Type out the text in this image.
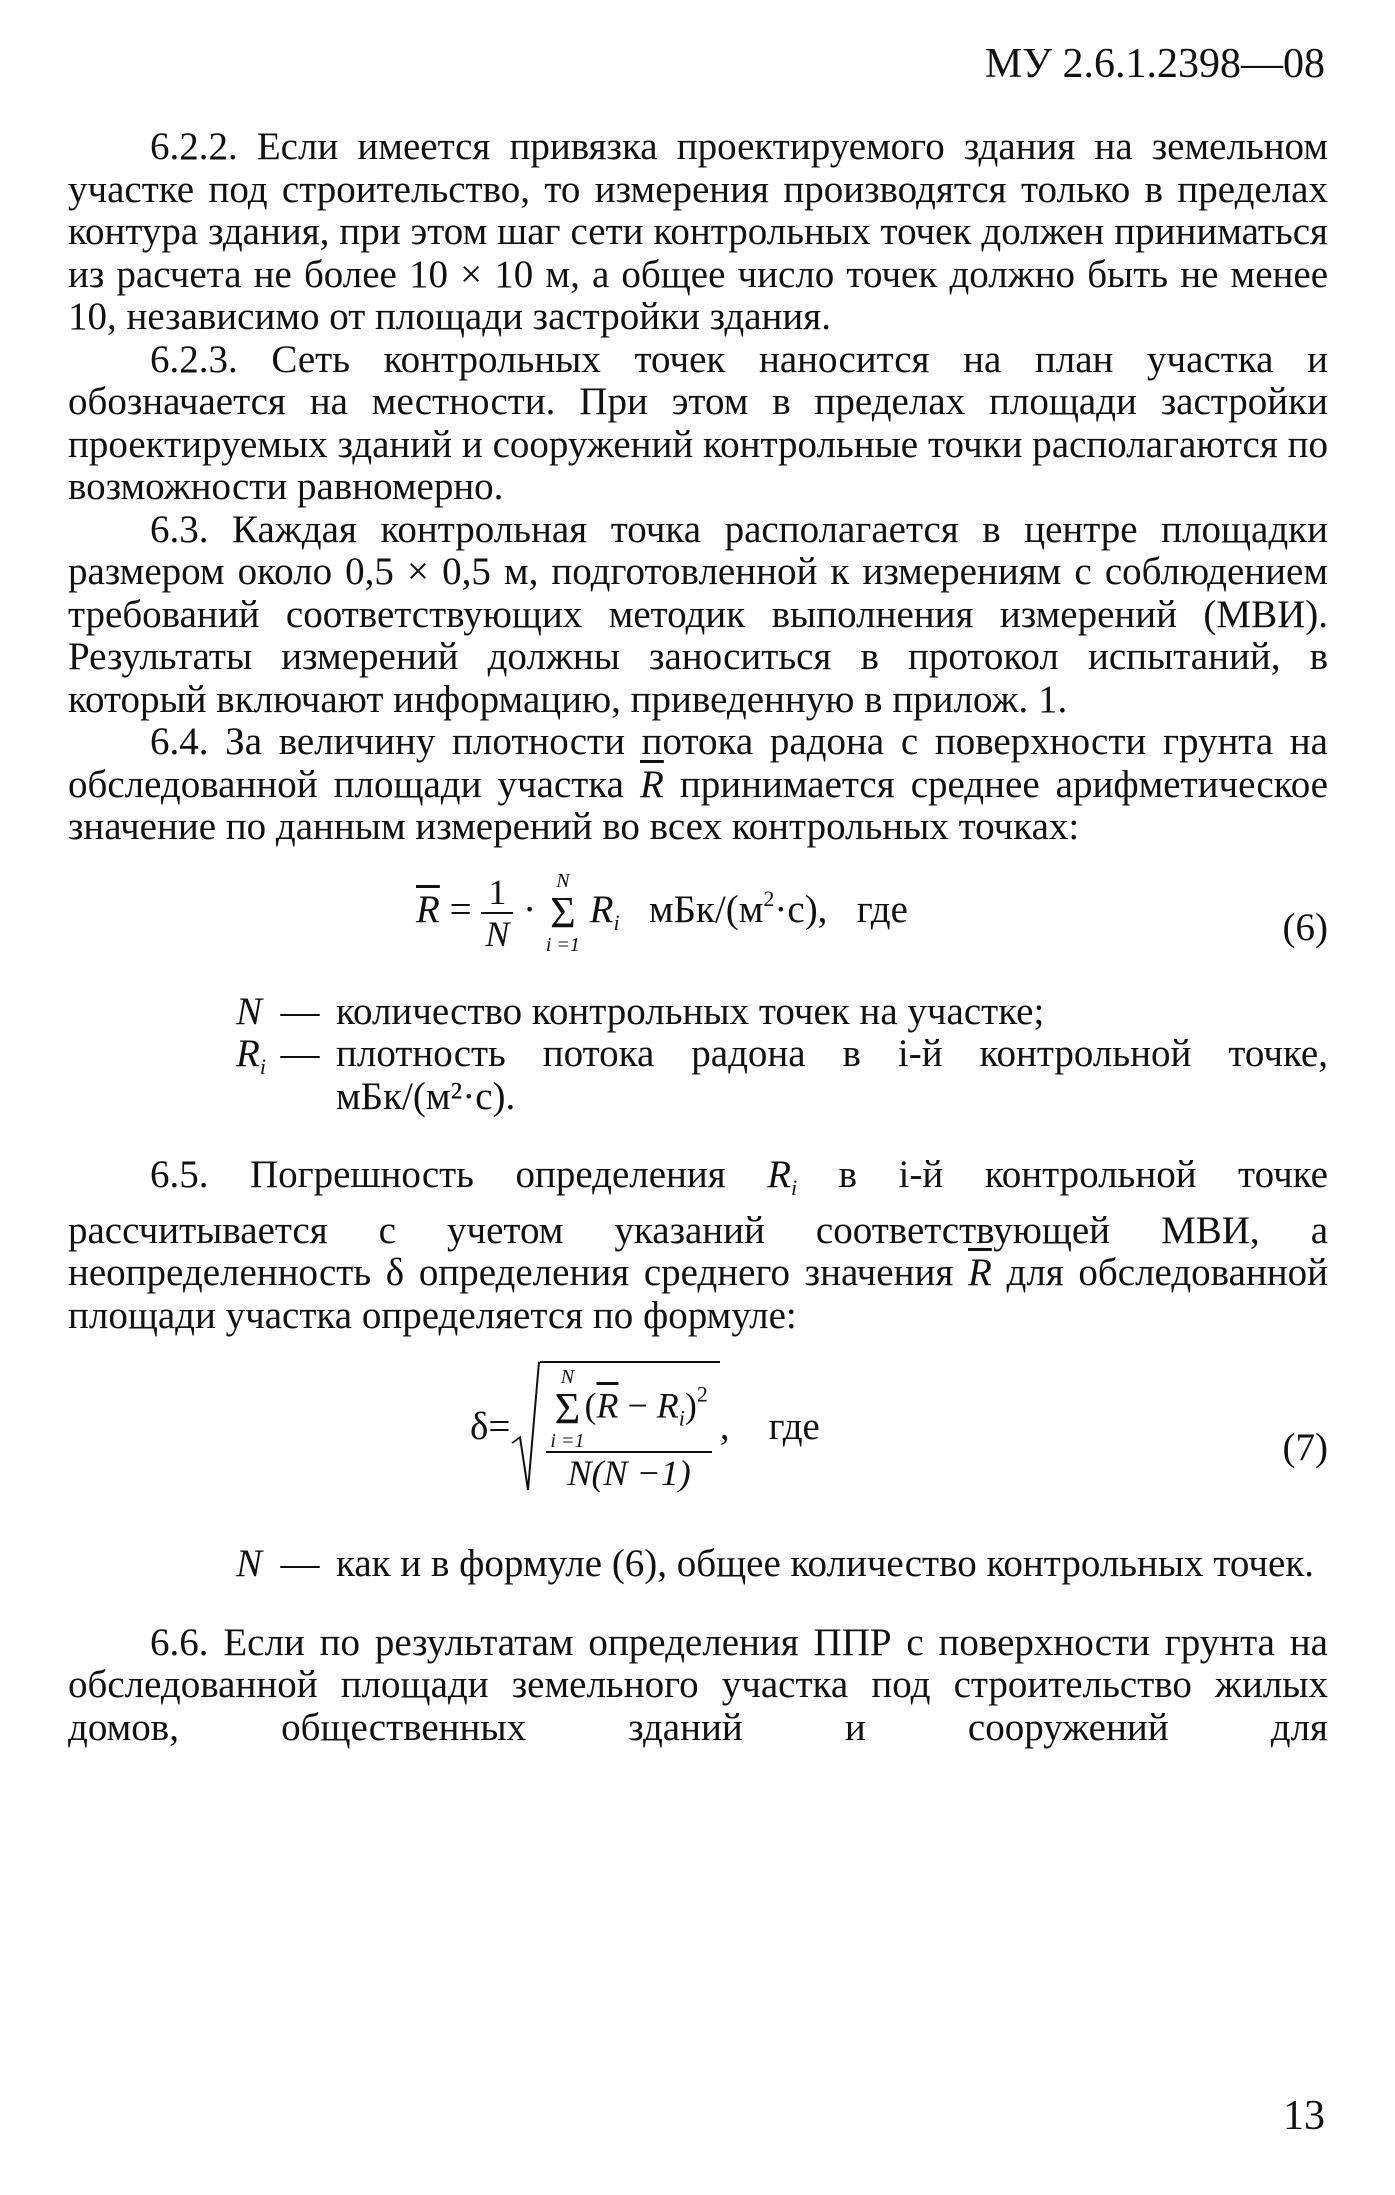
МУ 2.6.1.2398—08

6.2.2. Если имеется привязка проектируемого здания на земельном участке под строительство, то измерения производятся только в пределах контура здания, при этом шаг сети контрольных точек должен приниматься из расчета не более 10 × 10 м, а общее число точек должно быть не менее 10, независимо от площади застройки здания.

6.2.3. Сеть контрольных точек наносится на план участка и обозначается на местности. При этом в пределах площади застройки проектируемых зданий и сооружений контрольные точки располагаются по возможности равномерно.

6.3. Каждая контрольная точка располагается в центре площадки размером около 0,5 × 0,5 м, подготовленной к измерениям с соблюдением требований соответствующих методик выполнения измерений (МВИ). Результаты измерений должны заноситься в протокол испытаний, в который включают информацию, приведенную в прилож. 1.

6.4. За величину плотности потока радона с поверхности грунта на обследованной площади участка $\overline{R}$ принимается среднее арифметическое значение по данным измерений во всех контрольных точках:

$\overline{R} = \frac{1}{N}$ ·
N
Σ
i =1
$R_i$ мБк/$(м^2\cdot с)$, где	(6)
N — количество контрольных точек на участке;
$R_i$ — плотность потока радона в i-й контрольной точке, мБк/(м²·с).

6.5. Погрешность определения $R_i$ в i-й контрольной точке рассчитывается с учетом указаний соответствующей МВИ, а неопределенность δ определения среднего значения $\overline{R}$ для обследованной площади участка определяется по формуле:

δ =
N
Σ
i =1
$(\overline{R} - R_i)^2$
N(N −1)
,
где	(7)
N — как и в формуле (6), общее количество контрольных точек.

6.6. Если по результатам определения ППР с поверхности грунта на обследованной площади земельного участка под строительство жилых домов, общественных зданий и сооружений для

13
